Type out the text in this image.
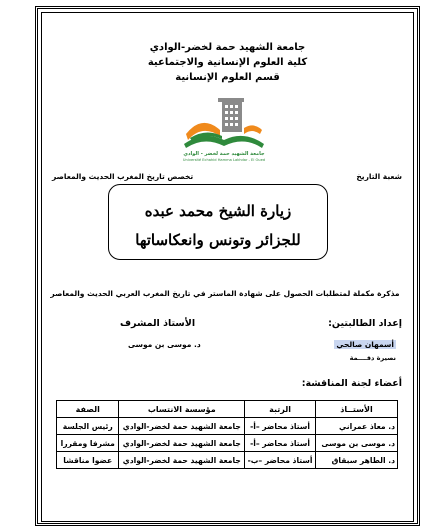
جامعة الشهيد حمة لخضر-الوادي
كلية العلوم الإنسانية والاجتماعية
قسم العلوم الإنسانية
جامعة الشهيد حمة لخضر - الوادي
Université Echahid Hamma Lakhdar - El Oued
شعبة التاريخ
تخصص تاريخ المغرب الحديث والمعاصر
زيارة الشيخ محمد عبده
للجزائر وتونس وانعكاساتها
مذكرة مكملة لمتطلبات الحصول على شهادة الماستر في تاريخ المغرب العربي الحديث والمعاصر
إعداد الطالبتين:
الأستاذ المشرف
أسمهان صالحي
د. موسى بن موسى
نصيرة دقــــمة
أعضاء لجنة المناقشة:
الأستــاذ	الرتبة	مؤسسة الانتساب	الصفة
د. معاذ عمراني	أستاذ محاضر –أ-	جامعة الشهيد حمة لخضر-الوادي	رئيس الجلسة
د. موسى بن موسى	أستاذ محاضر –أ-	جامعة الشهيد حمة لخضر-الوادي	مشرفا ومقررا
د. الطاهر سبقاق	أستاذ محاضر –ب-	جامعة الشهيد حمة لخضر-الوادي	عضوا مناقشا
